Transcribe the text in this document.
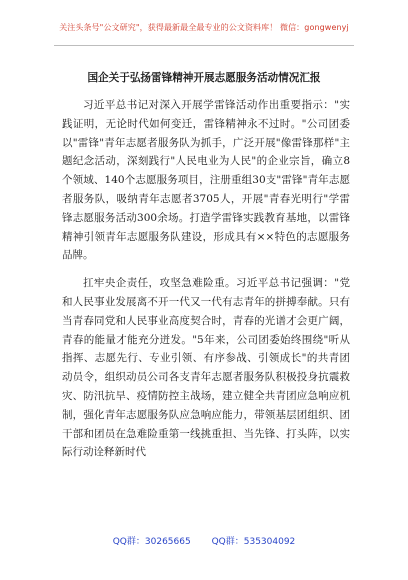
关注头条号"公文研究"，获得最新最全最专业的公文资料库！ 微信：gongwenyj
国企关于弘扬雷锋精神开展志愿服务活动情况汇报

习近平总书记对深入开展学雷锋活动作出重要指示："实践证明，无论时代如何变迁，雷锋精神永不过时。"公司团委以"雷锋"青年志愿者服务队为抓手，广泛开展"像雷锋那样"主题纪念活动，深刻践行"人民电业为人民"的企业宗旨，确立8个领域、140个志愿服务项目，注册重组30支"雷锋"青年志愿者服务队，吸纳青年志愿者3705人，开展"青春光明行"学雷锋志愿服务活动300余场。打造学雷锋实践教育基地，以雷锋精神引领青年志愿服务队建设，形成具有××特色的志愿服务品牌。

扛牢央企责任，攻坚急难险重。习近平总书记强调："党和人民事业发展离不开一代又一代有志青年的拼搏奉献。只有当青春同党和人民事业高度契合时，青春的光谱才会更广阔，青春的能量才能充分迸发。"5年来，公司团委始终围绕"听从指挥、志愿先行、专业引领、有序参战、引领成长"的共青团动员令，组织动员公司各支青年志愿者服务队积极投身抗震救灾、防汛抗旱、疫情防控主战场，建立健全共青团应急响应机制，强化青年志愿服务队应急响应能力，带领基层团组织、团干部和团员在急难险重第一线挑重担、当先锋、打头阵，以实际行动诠释新时代

QQ群：30265665 QQ群：535304092
